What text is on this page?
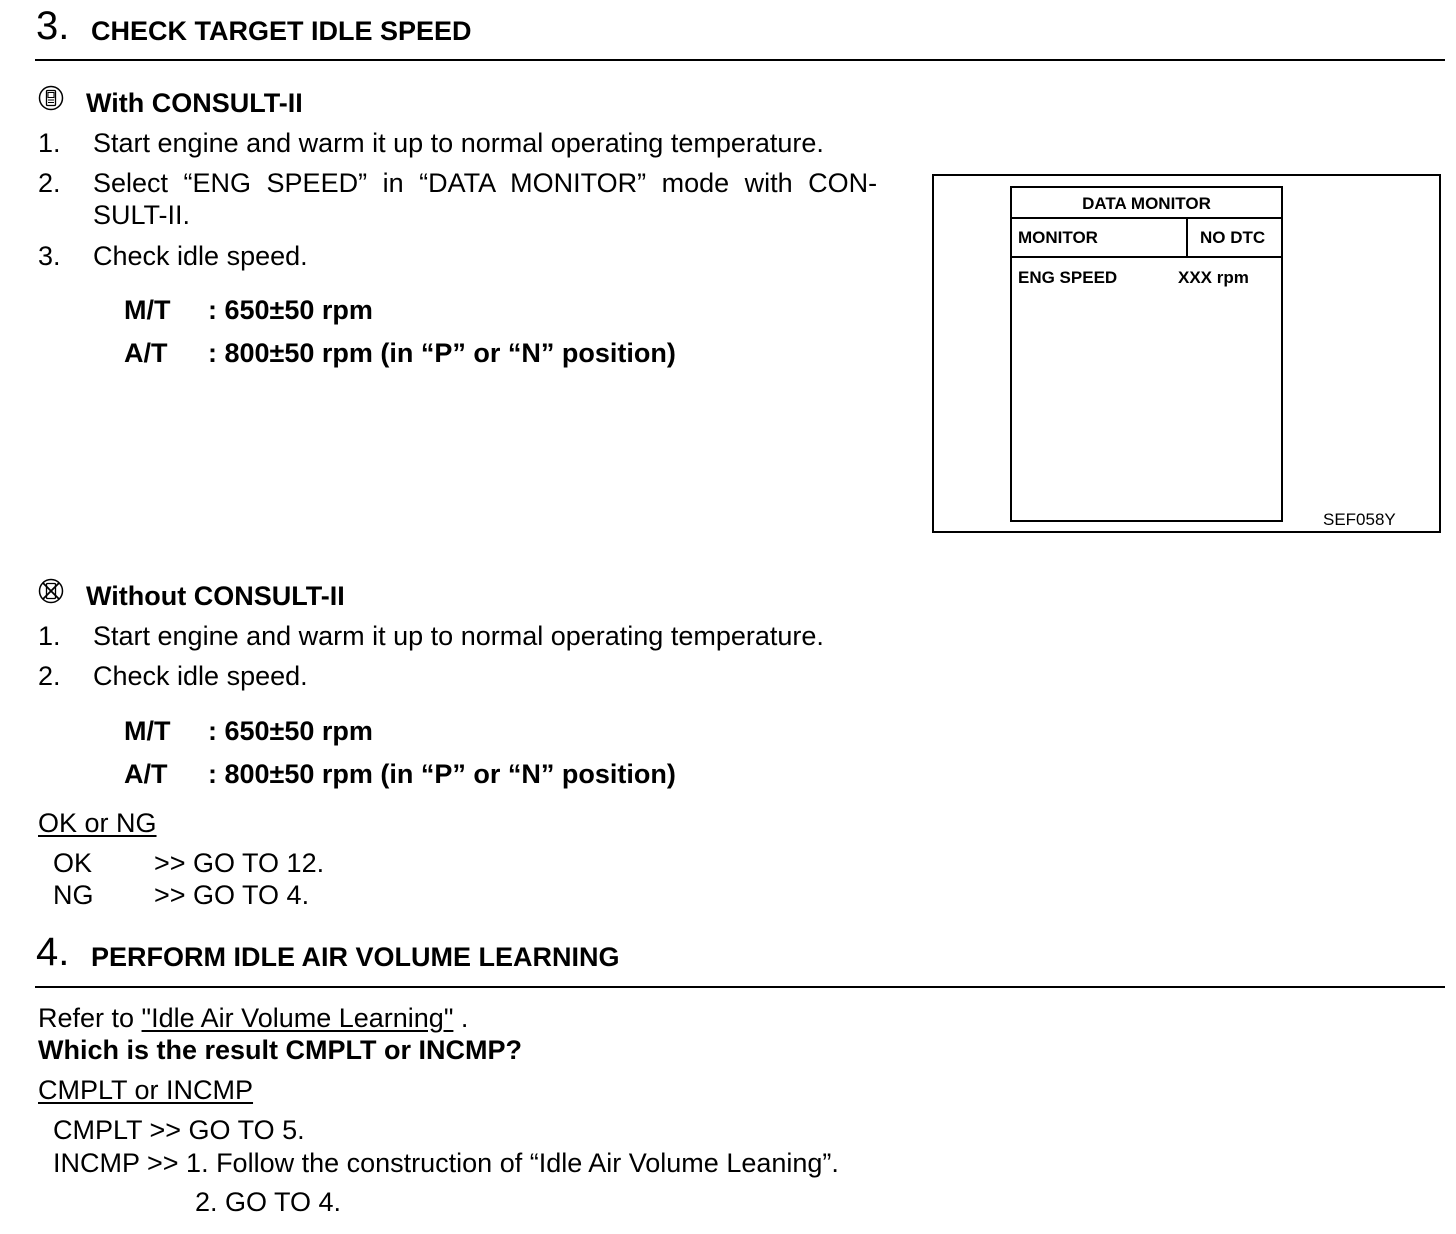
3. CHECK TARGET IDLE SPEED
With CONSULT-II
1. Start engine and warm it up to normal operating temperature.
2. Select “ENG SPEED” in “DATA MONITOR” mode with CON-
SULT-II.
3. Check idle speed.
M/T : 650±50 rpm
A/T : 800±50 rpm (in “P” or “N” position)
DATA MONITOR
MONITOR	NO DTC
ENG SPEED	XXX rpm
SEF058Y
Without CONSULT-II
1. Start engine and warm it up to normal operating temperature.
2. Check idle speed.
M/T : 650±50 rpm
A/T : 800±50 rpm (in “P” or “N” position)
OK or NG
OK >> GO TO 12.
NG >> GO TO 4.
4. PERFORM IDLE AIR VOLUME LEARNING
Refer to "Idle Air Volume Learning" .
Which is the result CMPLT or INCMP?
CMPLT or INCMP
CMPLT >> GO TO 5.
INCMP >> 1. Follow the construction of “Idle Air Volume Leaning”.
2. GO TO 4.
